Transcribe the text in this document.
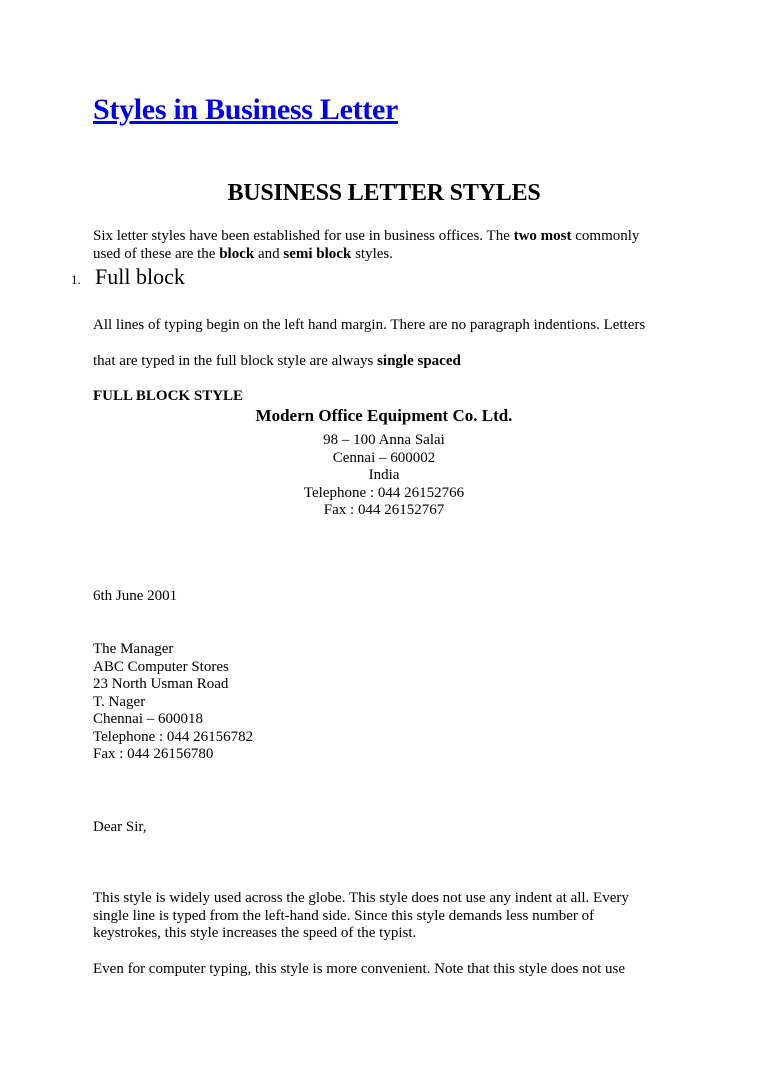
Styles in Business Letter
BUSINESS LETTER STYLES
Six letter styles have been established for use in business offices. The two most commonly
used of these are the block and semi block styles.
1. Full block
All lines of typing begin on the left hand margin. There are no paragraph indentions. Letters
that are typed in the full block style are always single spaced
FULL BLOCK STYLE
Modern Office Equipment Co. Ltd.
98 – 100 Anna Salai
Cennai – 600002
India
Telephone : 044 26152766
Fax : 044 26152767
6th June 2001
The Manager
ABC Computer Stores
23 North Usman Road
T. Nager
Chennai – 600018
Telephone : 044 26156782
Fax : 044 26156780
Dear Sir,
This style is widely used across the globe. This style does not use any indent at all. Every
single line is typed from the left-hand side. Since this style demands less number of
keystrokes, this style increases the speed of the typist.
Even for computer typing, this style is more convenient. Note that this style does not use
